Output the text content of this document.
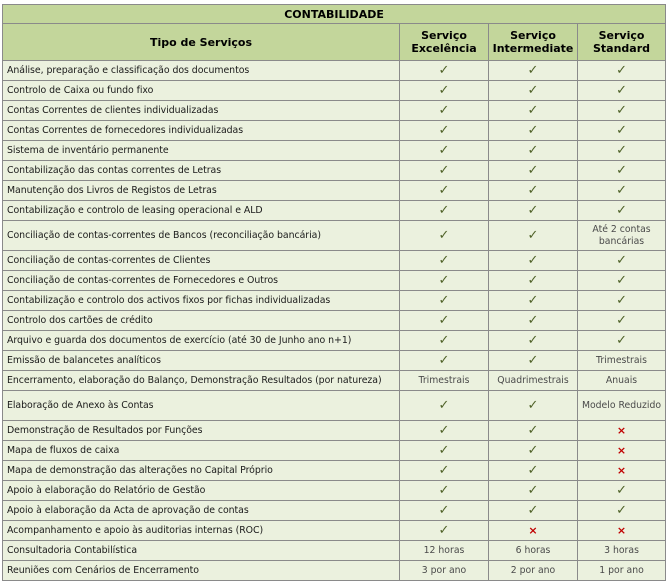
CONTABILIDADE			
Tipo de Serviços	Serviço Excelência	Serviço Intermediate	Serviço Standard
Análise, preparação e classificação dos documentos	✓	✓	✓
Controlo de Caixa ou fundo fixo	✓	✓	✓
Contas Correntes de clientes individualizadas	✓	✓	✓
Contas Correntes de fornecedores individualizadas	✓	✓	✓
Sistema de inventário permanente	✓	✓	✓
Contabilização das contas correntes de Letras	✓	✓	✓
Manutenção dos Livros de Registos de Letras	✓	✓	✓
Contabilização e controlo de leasing operacional e ALD	✓	✓	✓
Conciliação de contas-correntes de Bancos (reconciliação bancária)	✓	✓	Até 2 contas bancárias
Conciliação de contas-correntes de Clientes	✓	✓	✓
Conciliação de contas-correntes de Fornecedores e Outros	✓	✓	✓
Contabilização e controlo dos activos fixos por fichas individualizadas	✓	✓	✓
Controlo dos cartões de crédito	✓	✓	✓
Arquivo e guarda dos documentos de exercício (até 30 de Junho ano n+1)	✓	✓	✓
Emissão de balancetes analíticos	✓	✓	Trimestrais
Encerramento, elaboração do Balanço, Demonstração Resultados (por natureza)	Trimestrais	Quadrimestrais	Anuais
Elaboração de Anexo às Contas	✓	✓	Modelo Reduzido
Demonstração de Resultados por Funções	✓	✓	×
Mapa de fluxos de caixa	✓	✓	×
Mapa de demonstração das alterações no Capital Próprio	✓	✓	×
Apoio à elaboração do Relatório de Gestão	✓	✓	✓
Apoio à elaboração da Acta de aprovação de contas	✓	✓	✓
Acompanhamento e apoio às auditorias internas (ROC)	✓	×	×
Consultadoria Contabilística	12 horas	6 horas	3 horas
Reuniões com Cenários de Encerramento	3 por ano	2 por ano	1 por ano
